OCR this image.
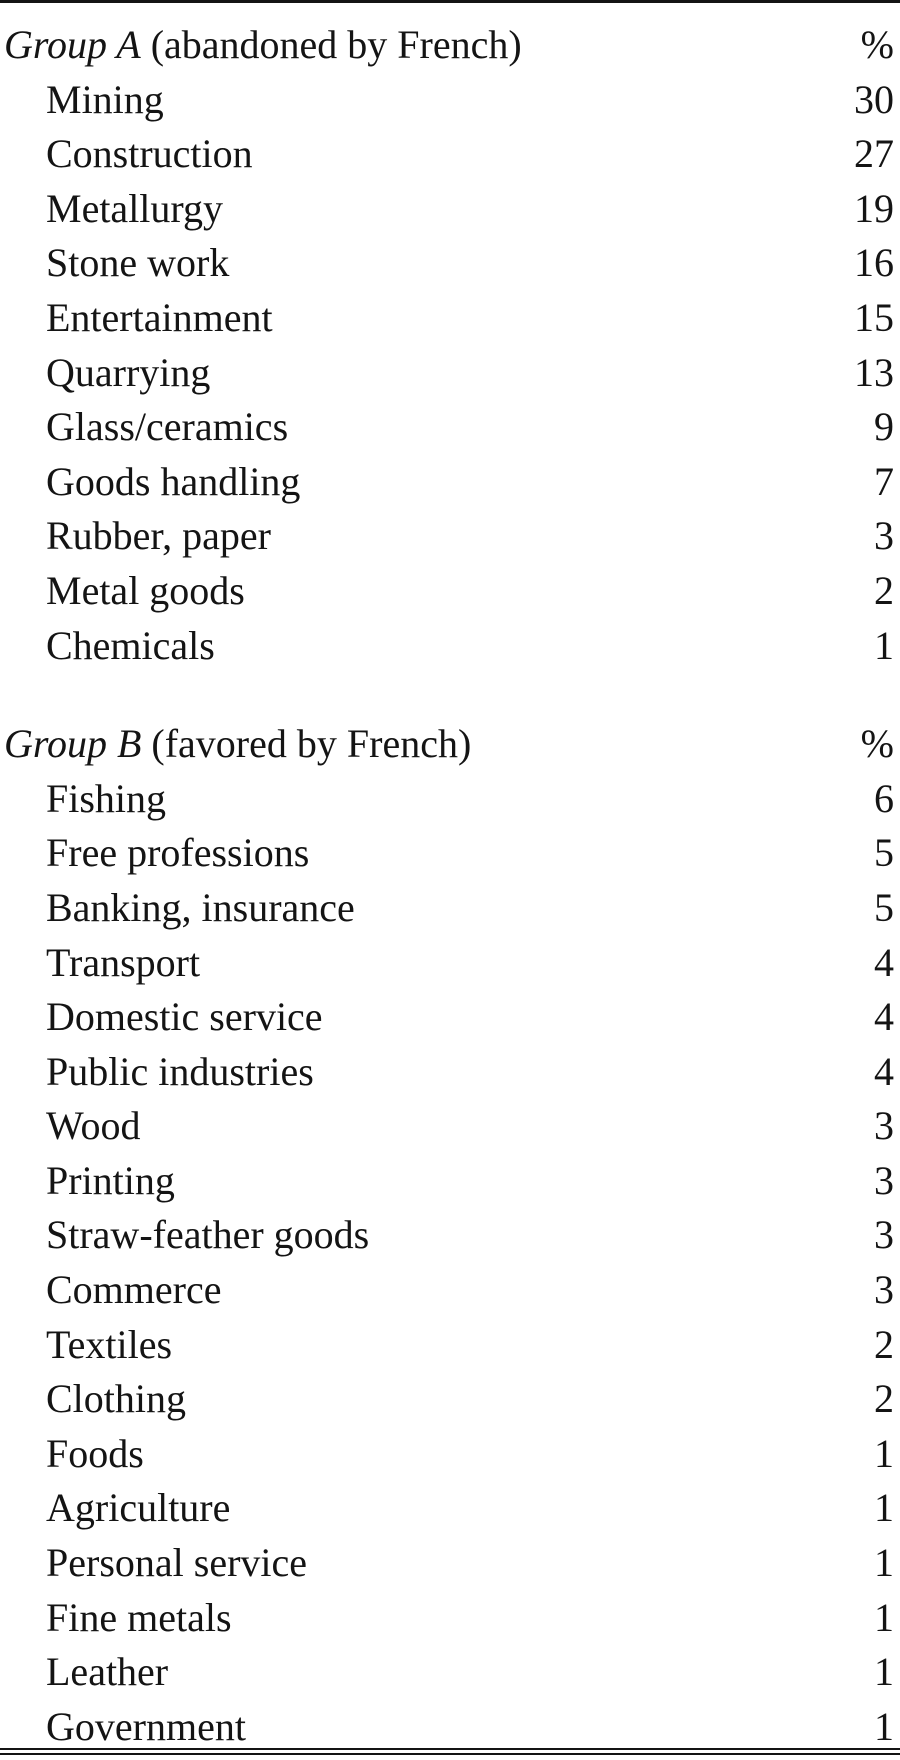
Group A (abandoned by French)	%
Mining	30
Construction	27
Metallurgy	19
Stone work	16
Entertainment	15
Quarrying	13
Glass/ceramics	9
Goods handling	7
Rubber, paper	3
Metal goods	2
Chemicals	1
Group B (favored by French)	%
Fishing	6
Free professions	5
Banking, insurance	5
Transport	4
Domestic service	4
Public industries	4
Wood	3
Printing	3
Straw-feather goods	3
Commerce	3
Textiles	2
Clothing	2
Foods	1
Agriculture	1
Personal service	1
Fine metals	1
Leather	1
Government	1
